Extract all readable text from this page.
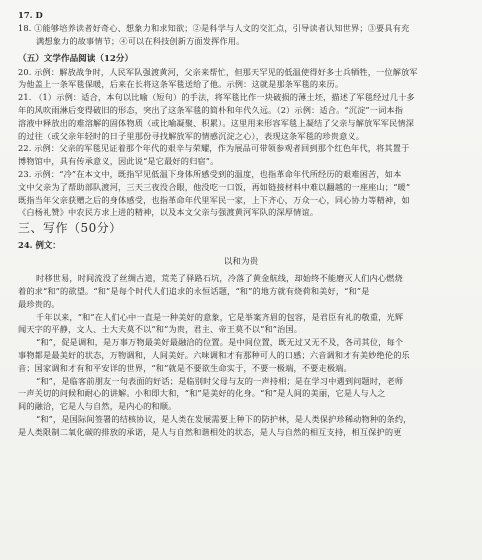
17. D
18. ①能够培养读者好奇心、想象力和求知欲；②是科学与人文的交汇点，引导读者认知世界；③要具有充
满想象力的故事情节；④可以在科技创新方面发挥作用。
（五）文学作品阅读（12分）
20. 示例：解放战争时，人民军队强渡黄河，父亲来帮忙，但那天罕见的低温使得好多士兵牺牲，一位解放军
为他盖上一条军毯保暖，后来在长将这条军毯送给了他。示例：这就是那条军毯的来历。
21. （1）示例：适合，本句以比喻（短句）的手法，将军毯比作一块破损的薄土坯，描述了军毯经过几十多
年的风吹雨淋后变得破旧的形态，突出了这条军毯的简朴和年代久远。（2）示例：适合。“沉淀”一词本指
溶液中释放出的难溶解的固体物质（或比喻凝聚、积累）。这里用来形容军毯上凝结了父亲与解放军军民情深
的过往（或父亲年轻时的日子里那份寻找解放军的情感沉淀之心），表现这条军毯的珍贵意义。
22. 示例：父亲的军毯见证着那个年代的艰辛与荣耀，作为展品可带领参观者回到那个红色年代，将其置于
博物馆中，具有传承意义，因此说“是它最好的归宿”。
23. 示例：“冷”在本文中，既指罕见低温下身体所感受到的温度，也指革命年代所经历的艰难困苦，如本
文中父亲为了帮助部队渡河，三天三夜没合眼，他没吃一口饭，再如链接材料中难以翻越的一座座山；“暖”
既指当年父亲获赠之后的身体感受，也指革命年代里军民一家，上下齐心，万众一心，同心协力等精神，如
《白杨礼赞》中农民方求上进的精神，以及本文父亲与强渡黄河军队的深厚情谊。
三、写作（50分）
24. 例文：
以和为贵
时移世易，时间流没了丝绸古道，荒芜了驿路石坑，冷落了黄金航线，却始终不能磨灭人们内心燃烧
着的求“和”的欲望。“和”是每个时代人们追求的永恒话题，“和”的地方就有烧荷和美好，“和”是
最珍贵的。
千年以来，“和”在人们心中一直是一种美好的意象，它是举案齐眉的包容，是君臣有礼的敬重，光辉
闻天字的平静，文人、士大夫莫不以“和”为贵，君主、帝王莫不以“和”治国。
“和”，促是调和，是万事万物最美好最融洽的位置。是中间位置，既无过又无不及，各司其位，每个
事物都是最美好的状态，万物调和，人间美好。六味调和才有那种可人的口感；六音调和才有美妙绝伦的乐
音；国家调和才有和平安详的世界，“和”就是不要欲生命实于，不要一极端，不要走极端。
“和”，是临客前朋友一句表面的好话；是临别时父母与友的一声持相；是在学习中遇到问题时，老师
一声关切的问候和耐心的讲解。小和即大和，“和”是美好的化身。“和”是人间的美丽，它是人与人之
间的融洽，它是人与自然，是内心的和顺。
“和”，是国际间签署的结核协议，是人类在发展需要上种下的防护林，是人类保护珍稀动物种的条约，
是人类限制二氧化碳的排放的承诺，是人与自然和谐相处的状态，是人与自然的相互支持，相互保护的更
